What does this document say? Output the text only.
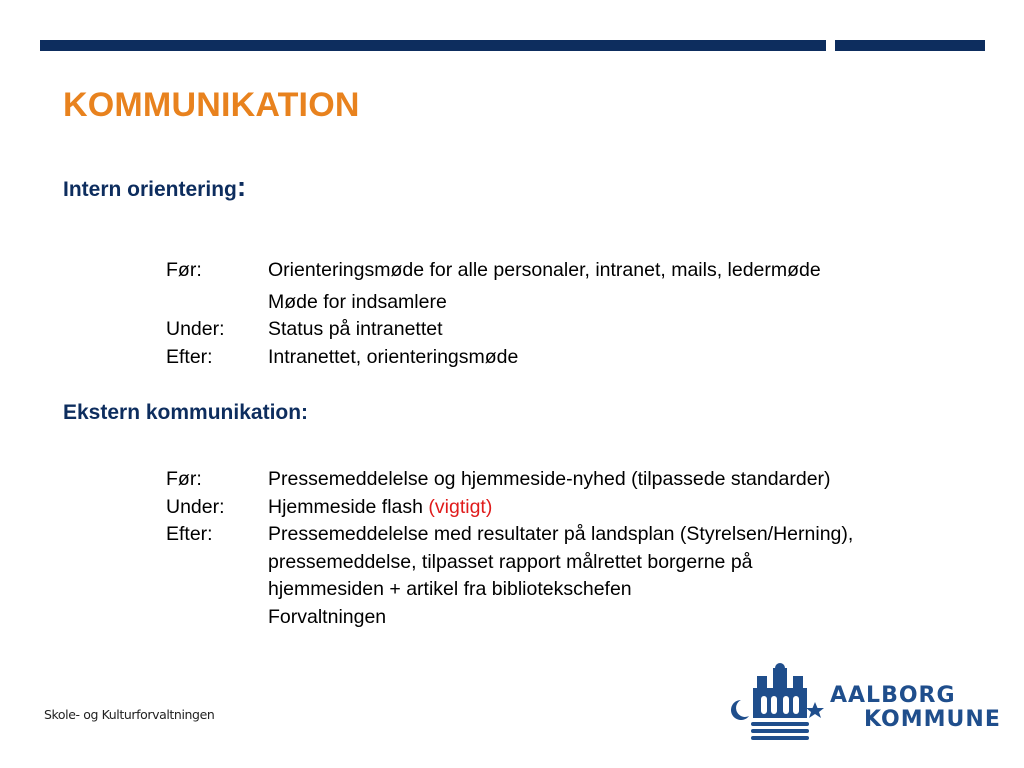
KOMMUNIKATION
Intern orientering:
Før:	Orienteringsmøde for alle personaler, intranet, mails, ledermøde
Møde for indsamlere
Under:	Status på intranettet
Efter:	Intranettet, orienteringsmøde
Ekstern kommunikation:
Før:	Pressemeddelelse og hjemmeside-nyhed (tilpassede standarder)
Under:	Hjemmeside flash (vigtigt)
Efter:	Pressemeddelelse med resultater på landsplan (Styrelsen/Herning),
pressemeddelse, tilpasset rapport målrettet borgerne på
hjemmesiden + artikel fra bibliotekschefen
Forvaltningen
Skole- og Kulturforvaltningen
AALBORG
KOMMUNE
